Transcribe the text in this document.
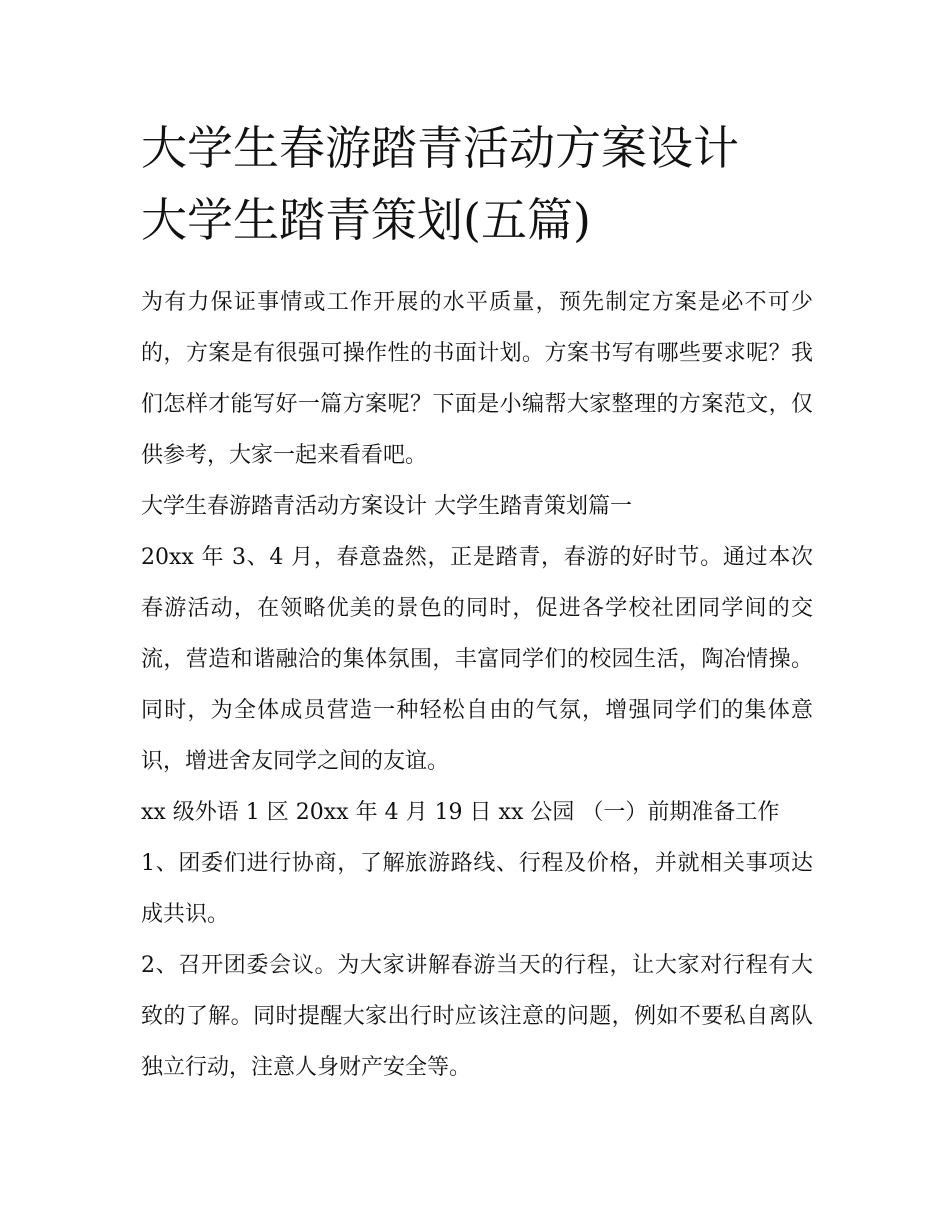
大学生春游踏青活动方案设计
大学生踏青策划(五篇)

为有力保证事情或工作开展的水平质量，预先制定方案是必不可少的，方案是有很强可操作性的书面计划。方案书写有哪些要求呢？我们怎样才能写好一篇方案呢？下面是小编帮大家整理的方案范文，仅供参考，大家一起来看看吧。

大学生春游踏青活动方案设计 大学生踏青策划篇一

20xx 年 3、4 月，春意盎然，正是踏青，春游的好时节。通过本次春游活动，在领略优美的景色的同时，促进各学校社团同学间的交流，营造和谐融洽的集体氛围，丰富同学们的校园生活，陶冶情操。同时，为全体成员营造一种轻松自由的气氛，增强同学们的集体意识，增进舍友同学之间的友谊。

xx 级外语 1 区 20xx 年 4 月 19 日 xx 公园 （一）前期准备工作

1、团委们进行协商，了解旅游路线、行程及价格，并就相关事项达成共识。

2、召开团委会议。为大家讲解春游当天的行程，让大家对行程有大致的了解。同时提醒大家出行时应该注意的问题，例如不要私自离队独立行动，注意人身财产安全等。
